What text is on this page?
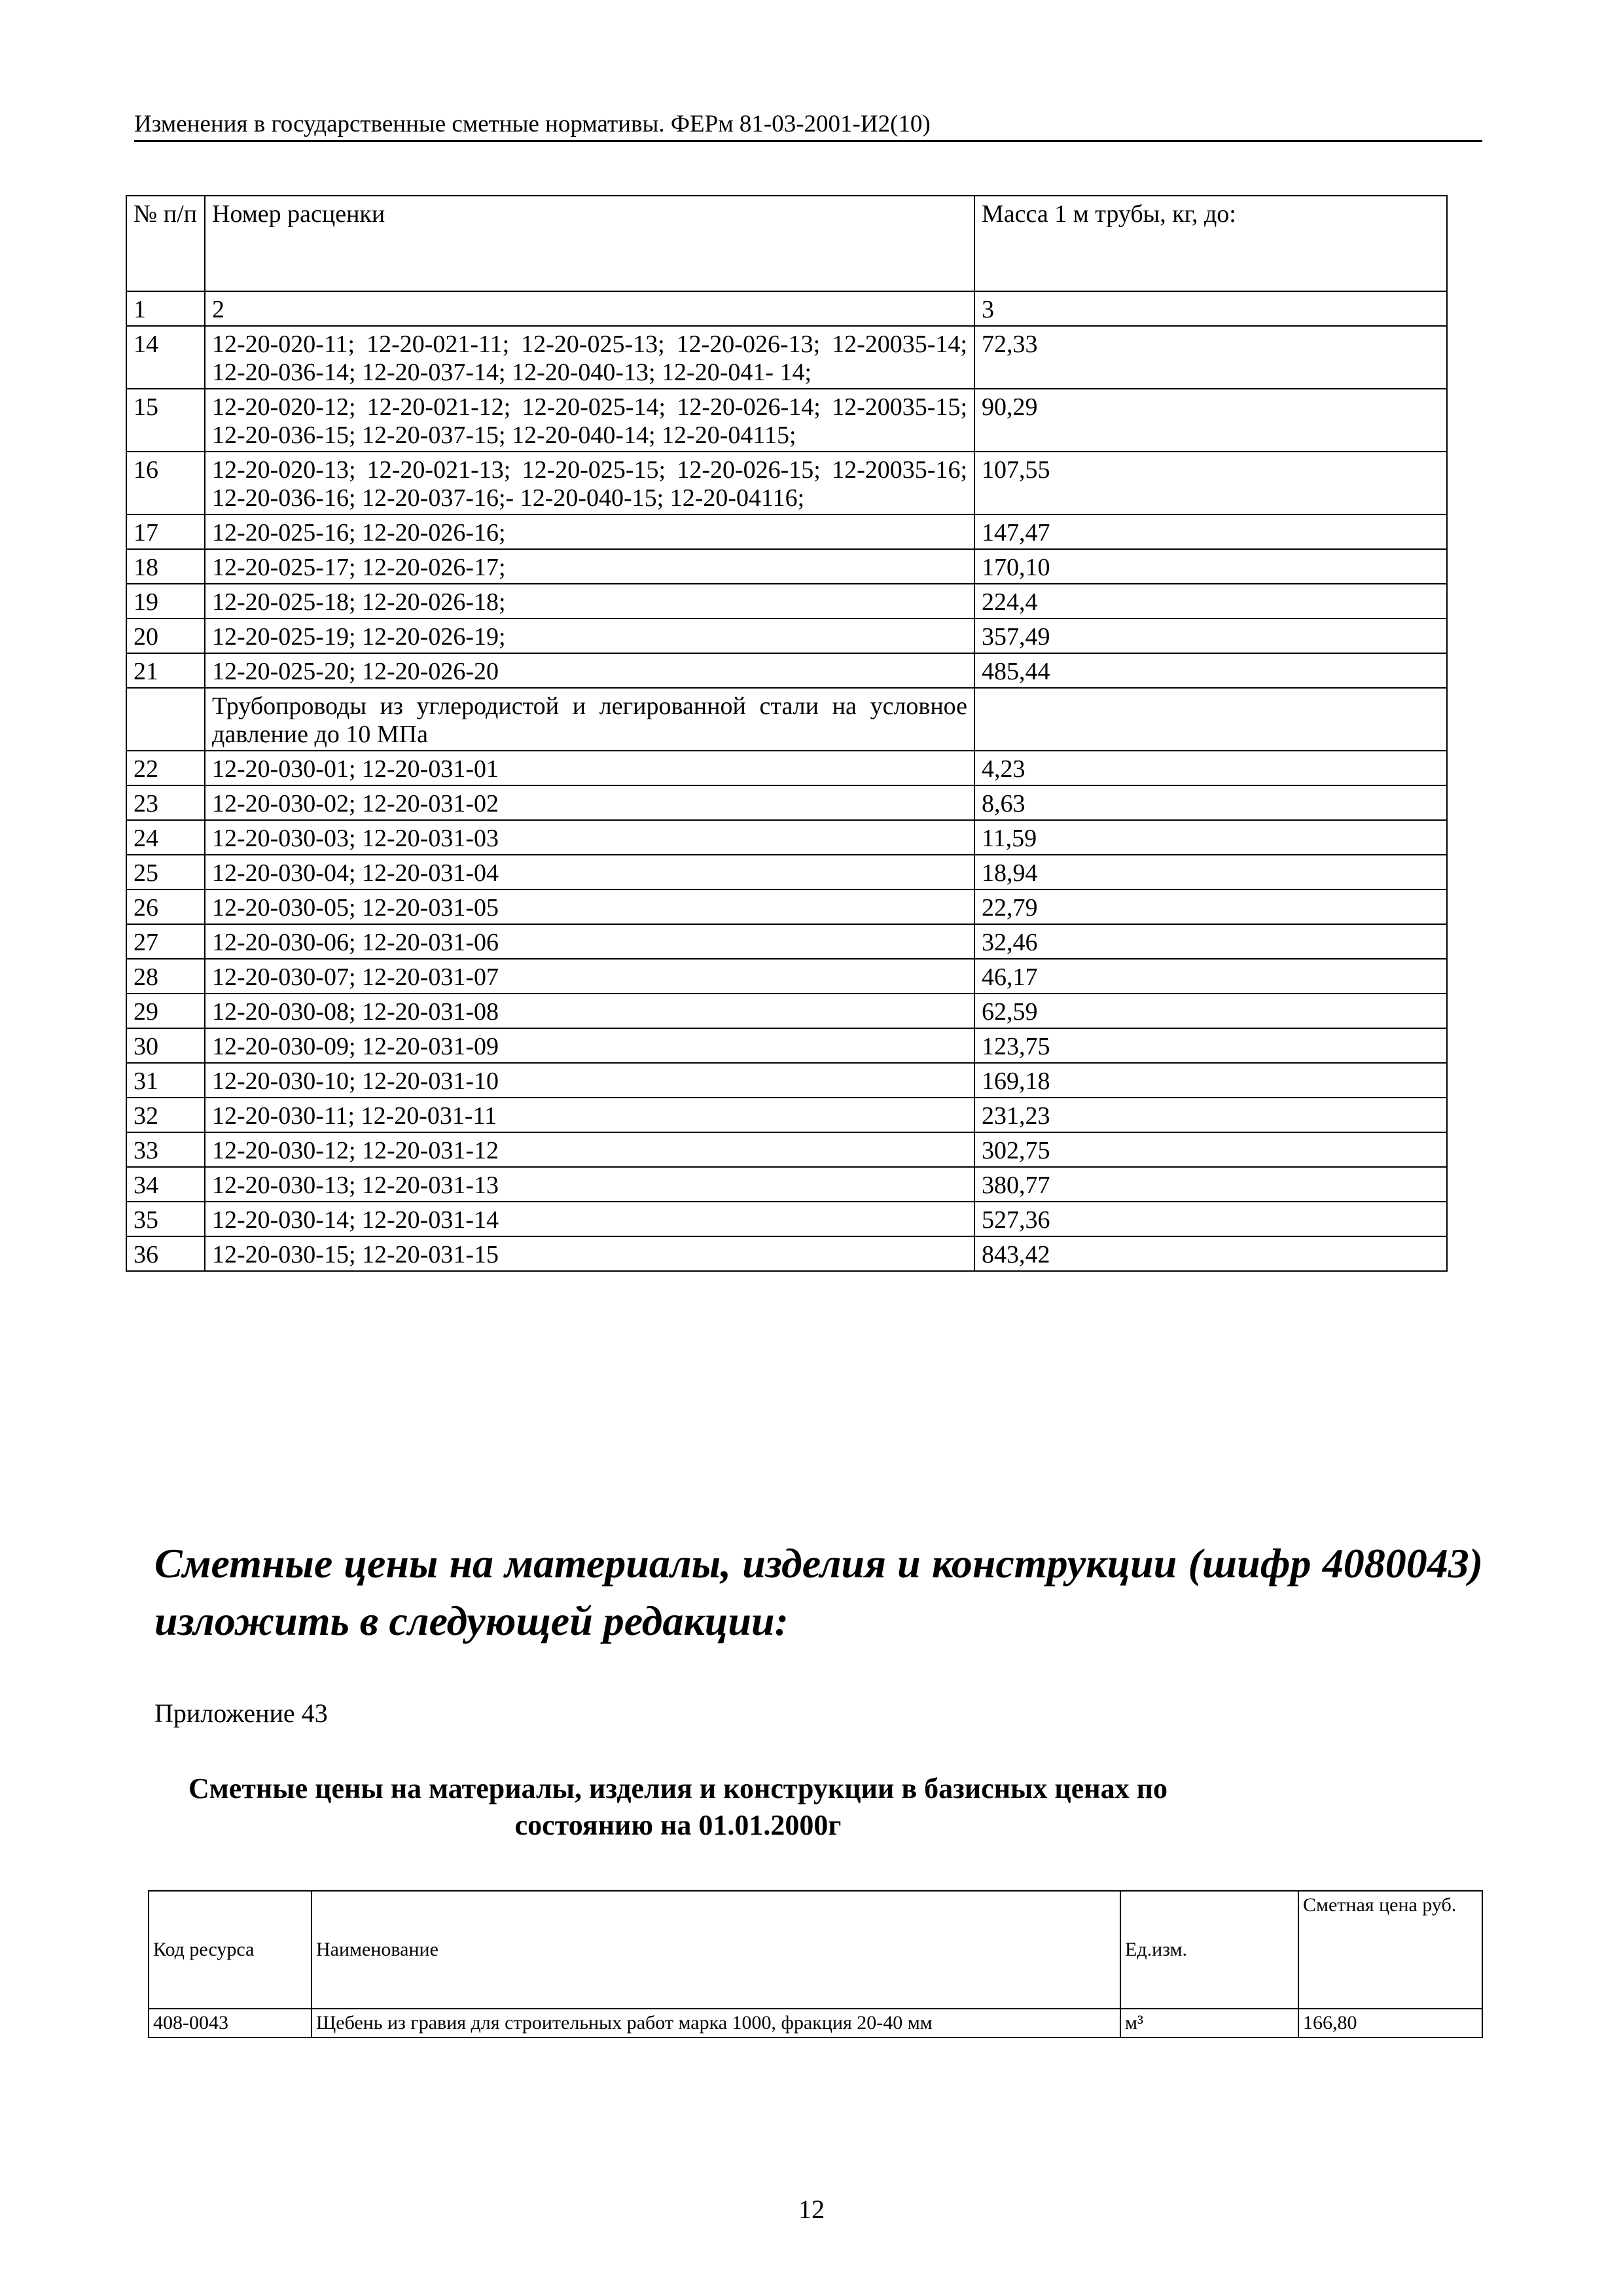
Изменения в государственные сметные нормативы. ФЕРм 81-03-2001-И2(10)
№ п/п	Номер расценки	Масса 1 м трубы, кг, до:
1	2	3
14	12-20-020-11; 12-20-021-11; 12-20-025-13; 12-20-026-13; 12-20035-14; 12-20-036-14; 12-20-037-14; 12-20-040-13; 12-20-041- 14;	72,33
15	12-20-020-12; 12-20-021-12; 12-20-025-14; 12-20-026-14; 12-20035-15; 12-20-036-15; 12-20-037-15; 12-20-040-14; 12-20-04115;	90,29
16	12-20-020-13; 12-20-021-13; 12-20-025-15; 12-20-026-15; 12-20035-16; 12-20-036-16; 12-20-037-16;- 12-20-040-15; 12-20-04116;	107,55
17	12-20-025-16; 12-20-026-16;	147,47
18	12-20-025-17; 12-20-026-17;	170,10
19	12-20-025-18; 12-20-026-18;	224,4
20	12-20-025-19; 12-20-026-19;	357,49
21	12-20-025-20; 12-20-026-20	485,44
	Трубопроводы из углеродистой и легированной стали на условное давление до 10 МПа	
22	12-20-030-01; 12-20-031-01	4,23
23	12-20-030-02; 12-20-031-02	8,63
24	12-20-030-03; 12-20-031-03	11,59
25	12-20-030-04; 12-20-031-04	18,94
26	12-20-030-05; 12-20-031-05	22,79
27	12-20-030-06; 12-20-031-06	32,46
28	12-20-030-07; 12-20-031-07	46,17
29	12-20-030-08; 12-20-031-08	62,59
30	12-20-030-09; 12-20-031-09	123,75
31	12-20-030-10; 12-20-031-10	169,18
32	12-20-030-11; 12-20-031-11	231,23
33	12-20-030-12; 12-20-031-12	302,75
34	12-20-030-13; 12-20-031-13	380,77
35	12-20-030-14; 12-20-031-14	527,36
36	12-20-030-15; 12-20-031-15	843,42

Сметные цены на материалы, изделия и конструкции (шифр 4080043)

изложить в следующей редакции:

Приложение 43
Сметные цены на материалы, изделия и конструкции в базисных ценах по
состоянию на 01.01.2000г
Код ресурса	Наименование	Ед.изм.	Сметная цена руб.
408-0043	Щебень из гравия для строительных работ марка 1000, фракция 20-40 мм	м³	166,80
12
